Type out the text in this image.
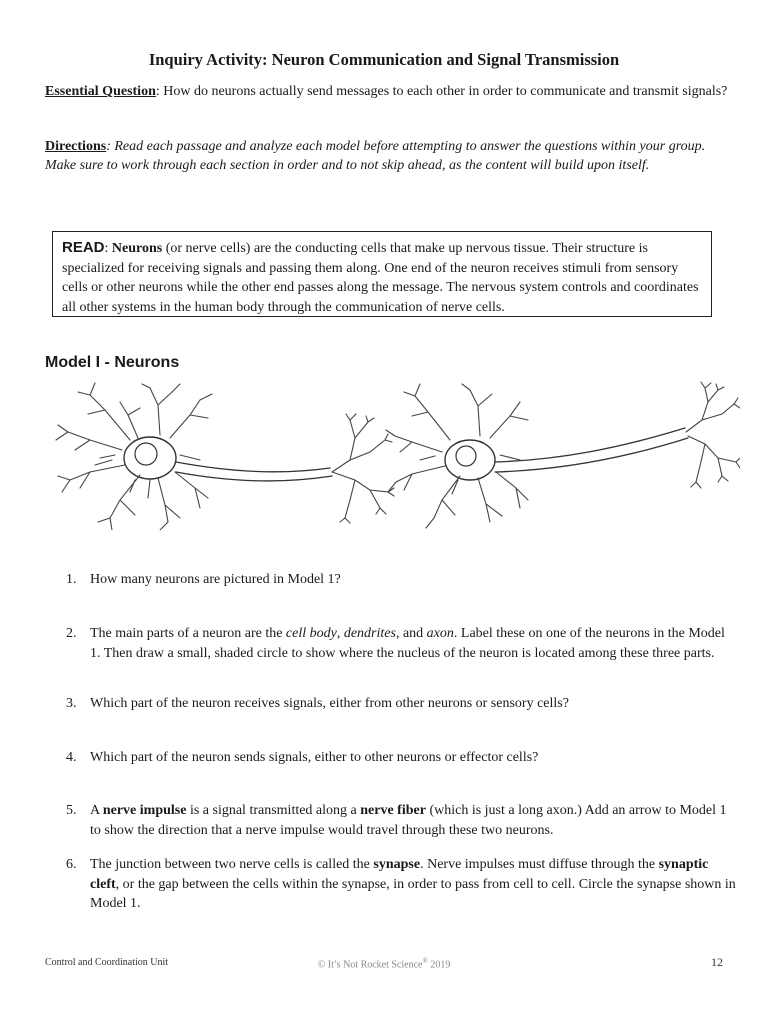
Inquiry Activity: Neuron Communication and Signal Transmission
Essential Question: How do neurons actually send messages to each other in order to communicate and transmit signals?
Directions: Read each passage and analyze each model before attempting to answer the questions within your group. Make sure to work through each section in order and to not skip ahead, as the content will build upon itself.
READ: Neurons (or nerve cells) are the conducting cells that make up nervous tissue. Their structure is specialized for receiving signals and passing them along. One end of the neuron receives stimuli from sensory cells or other neurons while the other end passes along the message. The nervous system controls and coordinates all other systems in the human body through the communication of nerve cells.
Model I - Neurons
1. How many neurons are pictured in Model 1?
2. The main parts of a neuron are the cell body, dendrites, and axon. Label these on one of the neurons in the Model 1. Then draw a small, shaded circle to show where the nucleus of the neuron is located among these three parts.
3. Which part of the neuron receives signals, either from other neurons or sensory cells?
4. Which part of the neuron sends signals, either to other neurons or effector cells?
5. A nerve impulse is a signal transmitted along a nerve fiber (which is just a long axon.) Add an arrow to Model 1 to show the direction that a nerve impulse would travel through these two neurons.
6. The junction between two nerve cells is called the synapse. Nerve impulses must diffuse through the synaptic cleft, or the gap between the cells within the synapse, in order to pass from cell to cell. Circle the synapse shown in Model 1.
Control and Coordination Unit	© It’s Not Rocket Science® 2019	12
